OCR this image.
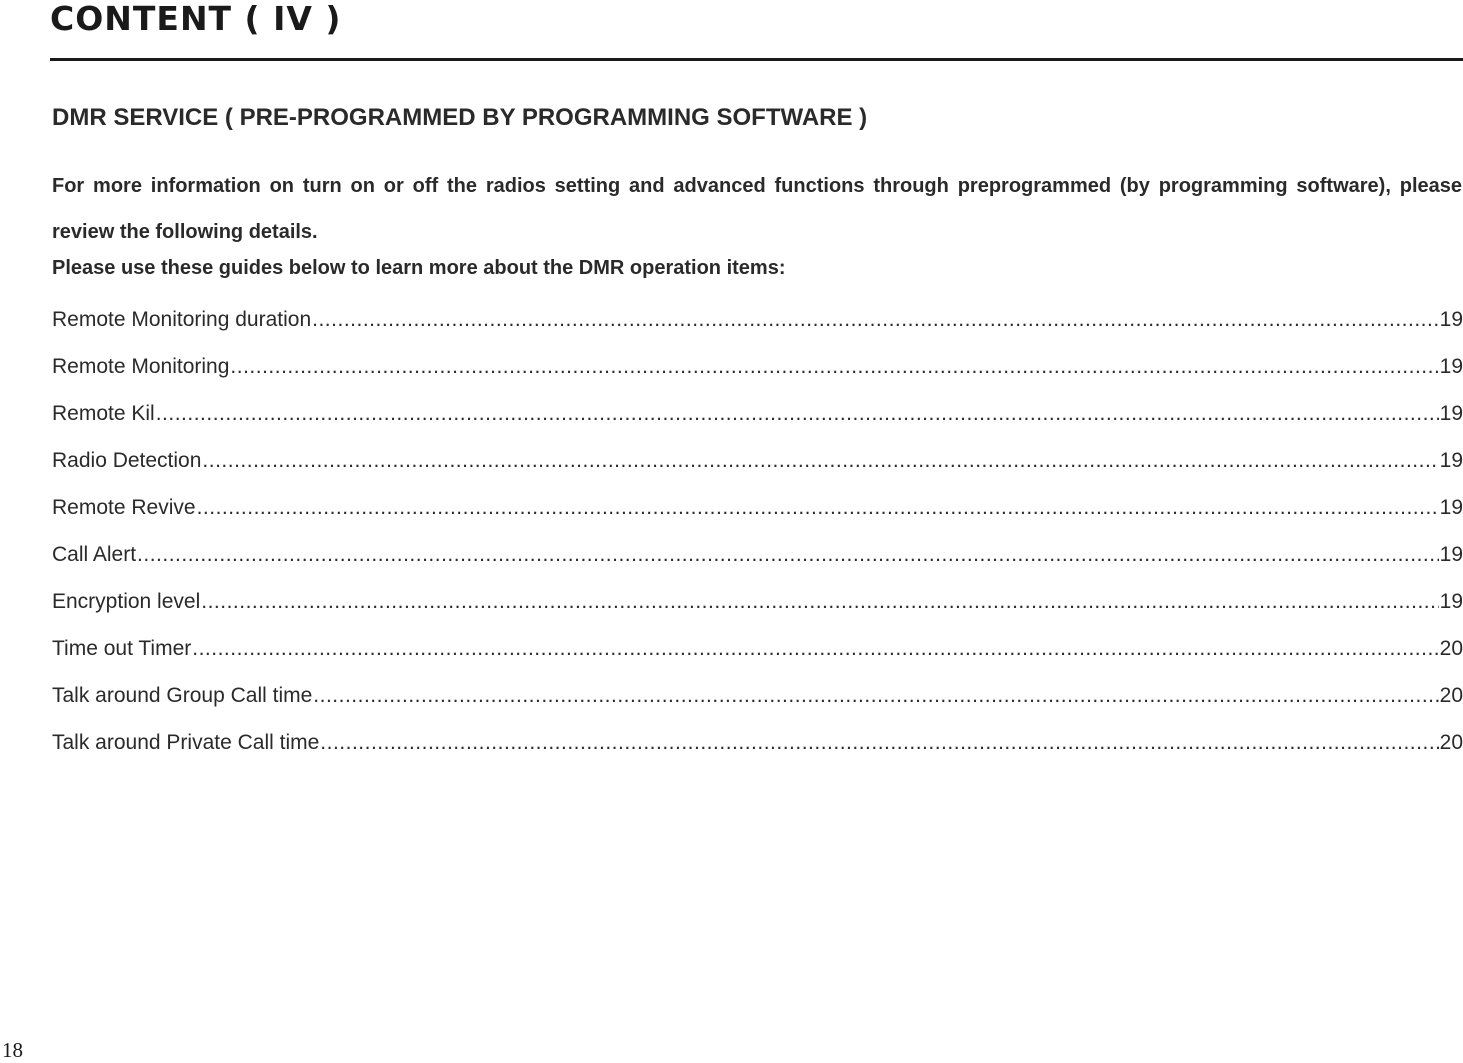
CONTENT ( IV )
DMR SERVICE ( PRE-PROGRAMMED BY PROGRAMMING SOFTWARE )

For more information on turn on or off the radios setting and advanced functions through preprogrammed (by programming software), please review the following details.

Please use these guides below to learn more about the DMR operation items:
Remote Monitoring duration .....	19
Remote Monitoring .....	19
Remote Kil .....	19
Radio Detection .....	19
Remote Revive .....	19
Call Alert .....	19
Encryption level .....	19
Time out Timer .....	20
Talk around Group Call time .....	20
Talk around Private Call time .....	20
18
